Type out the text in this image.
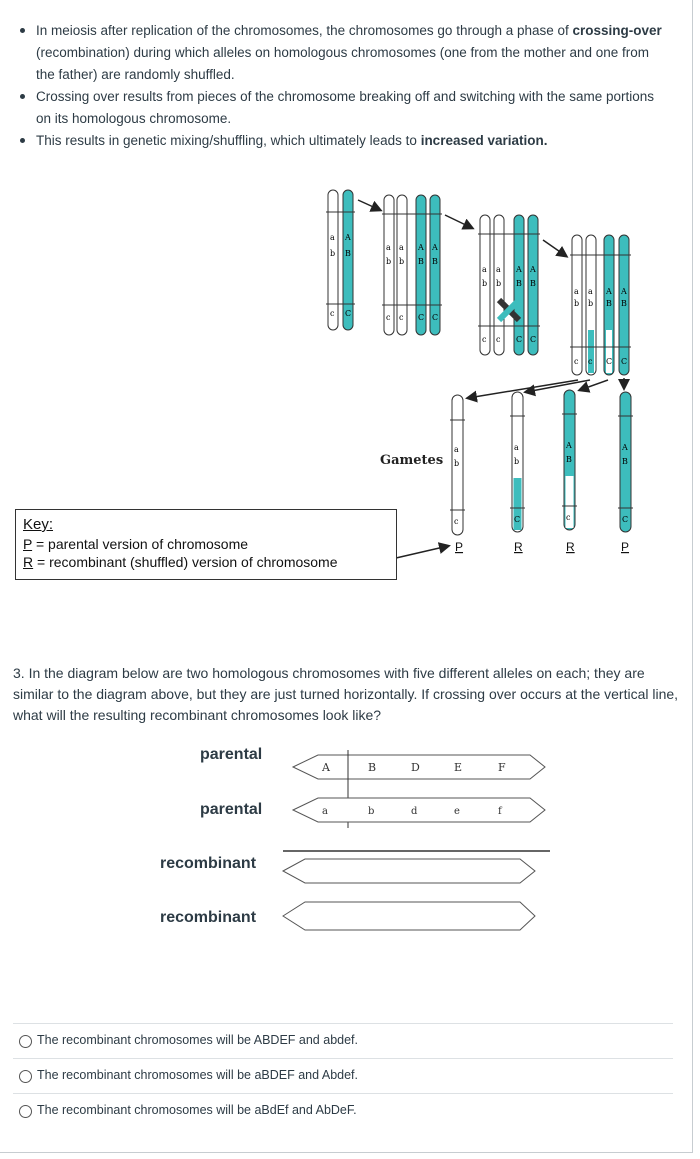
In meiosis after replication of the chromosomes, the chromosomes go through a phase of crossing-over (recombination) during which alleles on homologous chromosomes (one from the mother and one from the father) are randomly shuffled.
Crossing over results from pieces of the chromosome breaking off and switching with the same portions on its homologous chromosome.
This results in genetic mixing/shuffling, which ultimately leads to increased variation.
a
b
c
A
B
C
a a A A
b b B B
c c C C
a a A A
b b B B
c c C C
a a A A
b b B B
c c C C
Gametes
a
b
c
a
b
C
A
B
c
A
B
C
P	R	R	P
Key:
P = parental version of chromosome
R = recombinant (shuffled) version of chromosome
3. In the diagram below are two homologous chromosomes with five different alleles on each; they are similar to the diagram above, but they are just turned horizontally. If crossing over occurs at the vertical line, what will the resulting recombinant chromosomes look like?
parental
parental
recombinant
recombinant
A	B	D	E	F
a	b	d	e	f
The recombinant chromosomes will be ABDEF and abdef.
The recombinant chromosomes will be aBDEF and Abdef.
The recombinant chromosomes will be aBdEf and AbDeF.
